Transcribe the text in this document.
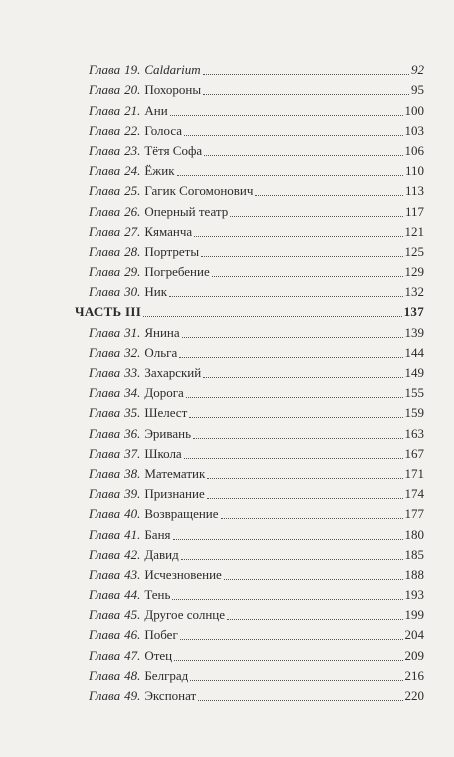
Глава 19. Caldarium	92
Глава 20. Похороны	95
Глава 21. Ани	100
Глава 22. Голоса	103
Глава 23. Тётя Софа	106
Глава 24. Ёжик	110
Глава 25. Гагик Согомонович	113
Глава 26. Оперный театр	117
Глава 27. Кяманча	121
Глава 28. Портреты	125
Глава 29. Погребение	129
Глава 30. Ник	132
ЧАСТЬ III	137
Глава 31. Янина	139
Глава 32. Ольга	144
Глава 33. Захарский	149
Глава 34. Дорога	155
Глава 35. Шелест	159
Глава 36. Эривань	163
Глава 37. Школа	167
Глава 38. Математик	171
Глава 39. Признание	174
Глава 40. Возвращение	177
Глава 41. Баня	180
Глава 42. Давид	185
Глава 43. Исчезновение	188
Глава 44. Тень	193
Глава 45. Другое солнце	199
Глава 46. Побег	204
Глава 47. Отец	209
Глава 48. Белград	216
Глава 49. Экспонат	220
